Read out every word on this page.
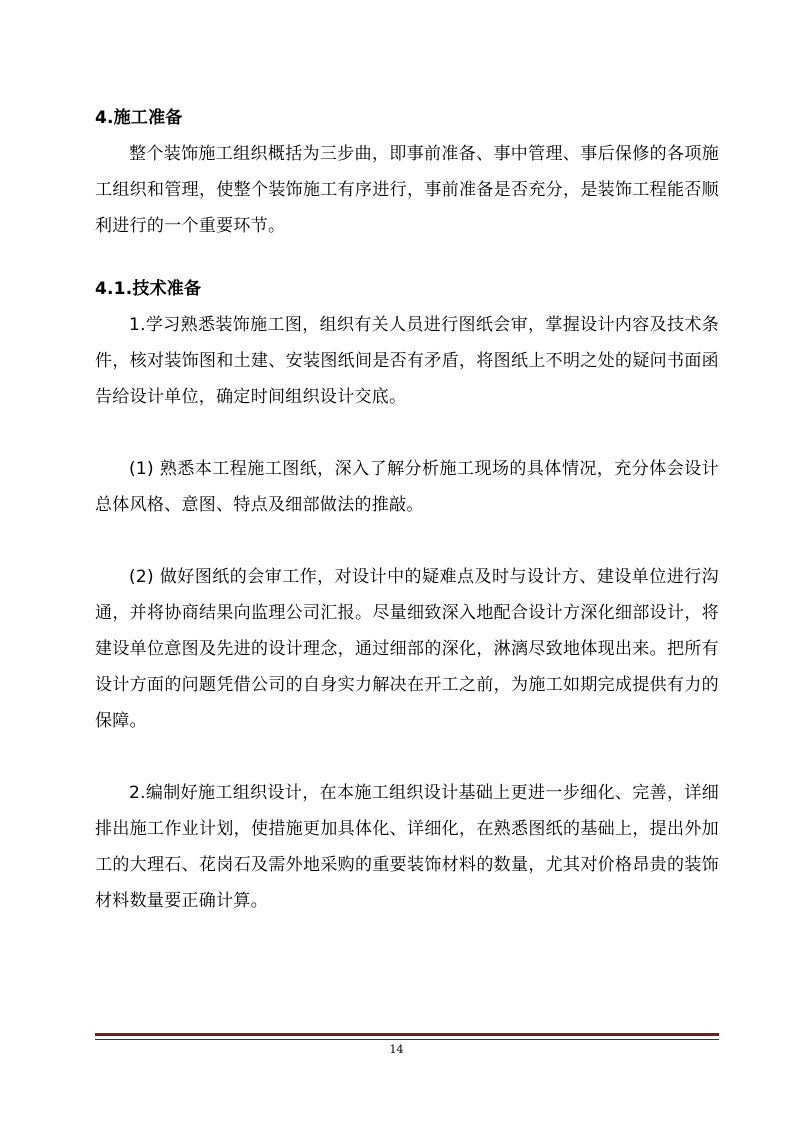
4.施工准备

整个装饰施工组织概括为三步曲，即事前准备、事中管理、事后保修的各项施工组织和管理，使整个装饰施工有序进行，事前准备是否充分，是装饰工程能否顺利进行的一个重要环节。

4.1.技术准备

1.学习熟悉装饰施工图，组织有关人员进行图纸会审，掌握设计内容及技术条件，核对装饰图和土建、安装图纸间是否有矛盾，将图纸上不明之处的疑问书面函告给设计单位，确定时间组织设计交底。

(1) 熟悉本工程施工图纸，深入了解分析施工现场的具体情况，充分体会设计总体风格、意图、特点及细部做法的推敲。

(2) 做好图纸的会审工作，对设计中的疑难点及时与设计方、建设单位进行沟通，并将协商结果向监理公司汇报。尽量细致深入地配合设计方深化细部设计，将建设单位意图及先进的设计理念，通过细部的深化，淋漓尽致地体现出来。把所有设计方面的问题凭借公司的自身实力解决在开工之前，为施工如期完成提供有力的保障。

2.编制好施工组织设计，在本施工组织设计基础上更进一步细化、完善，详细排出施工作业计划，使措施更加具体化、详细化，在熟悉图纸的基础上，提出外加工的大理石、花岗石及需外地采购的重要装饰材料的数量，尤其对价格昂贵的装饰材料数量要正确计算。

14
